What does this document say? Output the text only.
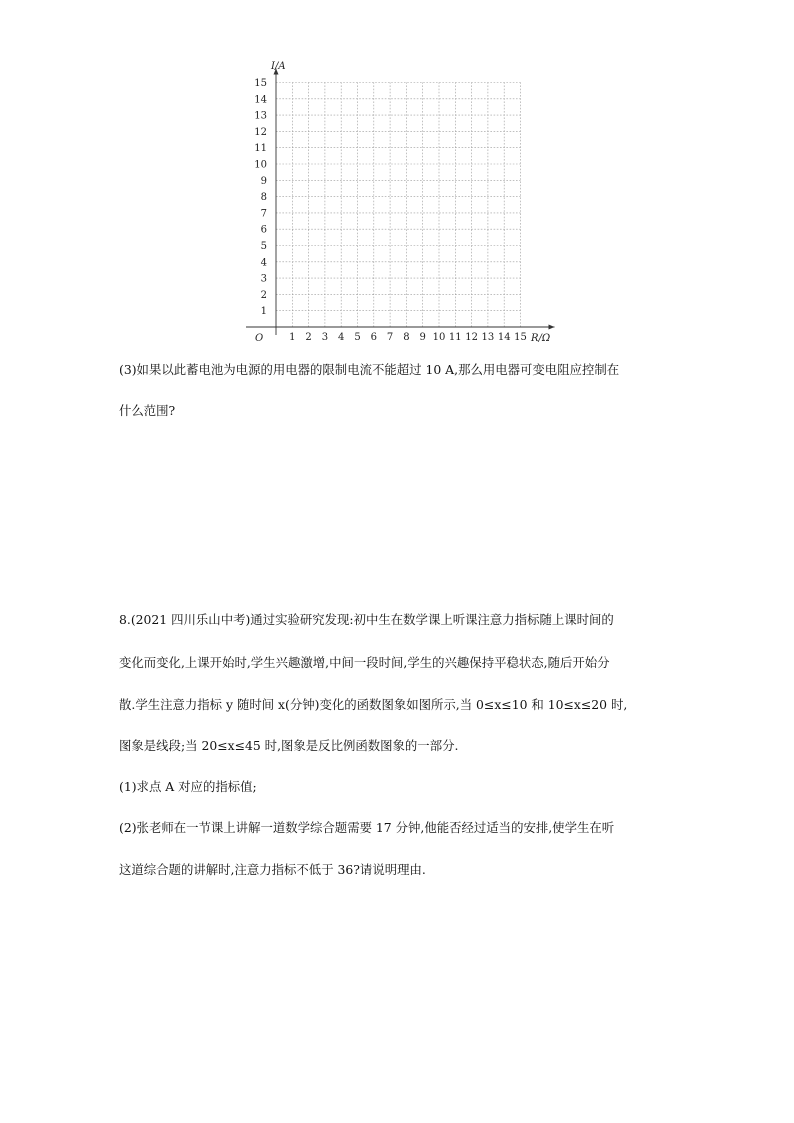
1 2 3 4 5 6 7 8 9 10 11 12 13 14 15
1
2
3
4
5
6
7
8
9
10
11
12
13
14
15
O	R/Ω
I/A
(3)如果以此蓄电池为电源的用电器的限制电流不能超过 10 A,那么用电器可变电阻应控制在
什么范围?
8.(2021 四川乐山中考)通过实验研究发现:初中生在数学课上听课注意力指标随上课时间的
变化而变化,上课开始时,学生兴趣激增,中间一段时间,学生的兴趣保持平稳状态,随后开始分
散.学生注意力指标 y 随时间 x(分钟)变化的函数图象如图所示,当 0≤x≤10 和 10≤x≤20 时,
图象是线段;当 20≤x≤45 时,图象是反比例函数图象的一部分.
(1)求点 A 对应的指标值;
(2)张老师在一节课上讲解一道数学综合题需要 17 分钟,他能否经过适当的安排,使学生在听
这道综合题的讲解时,注意力指标不低于 36?请说明理由.
